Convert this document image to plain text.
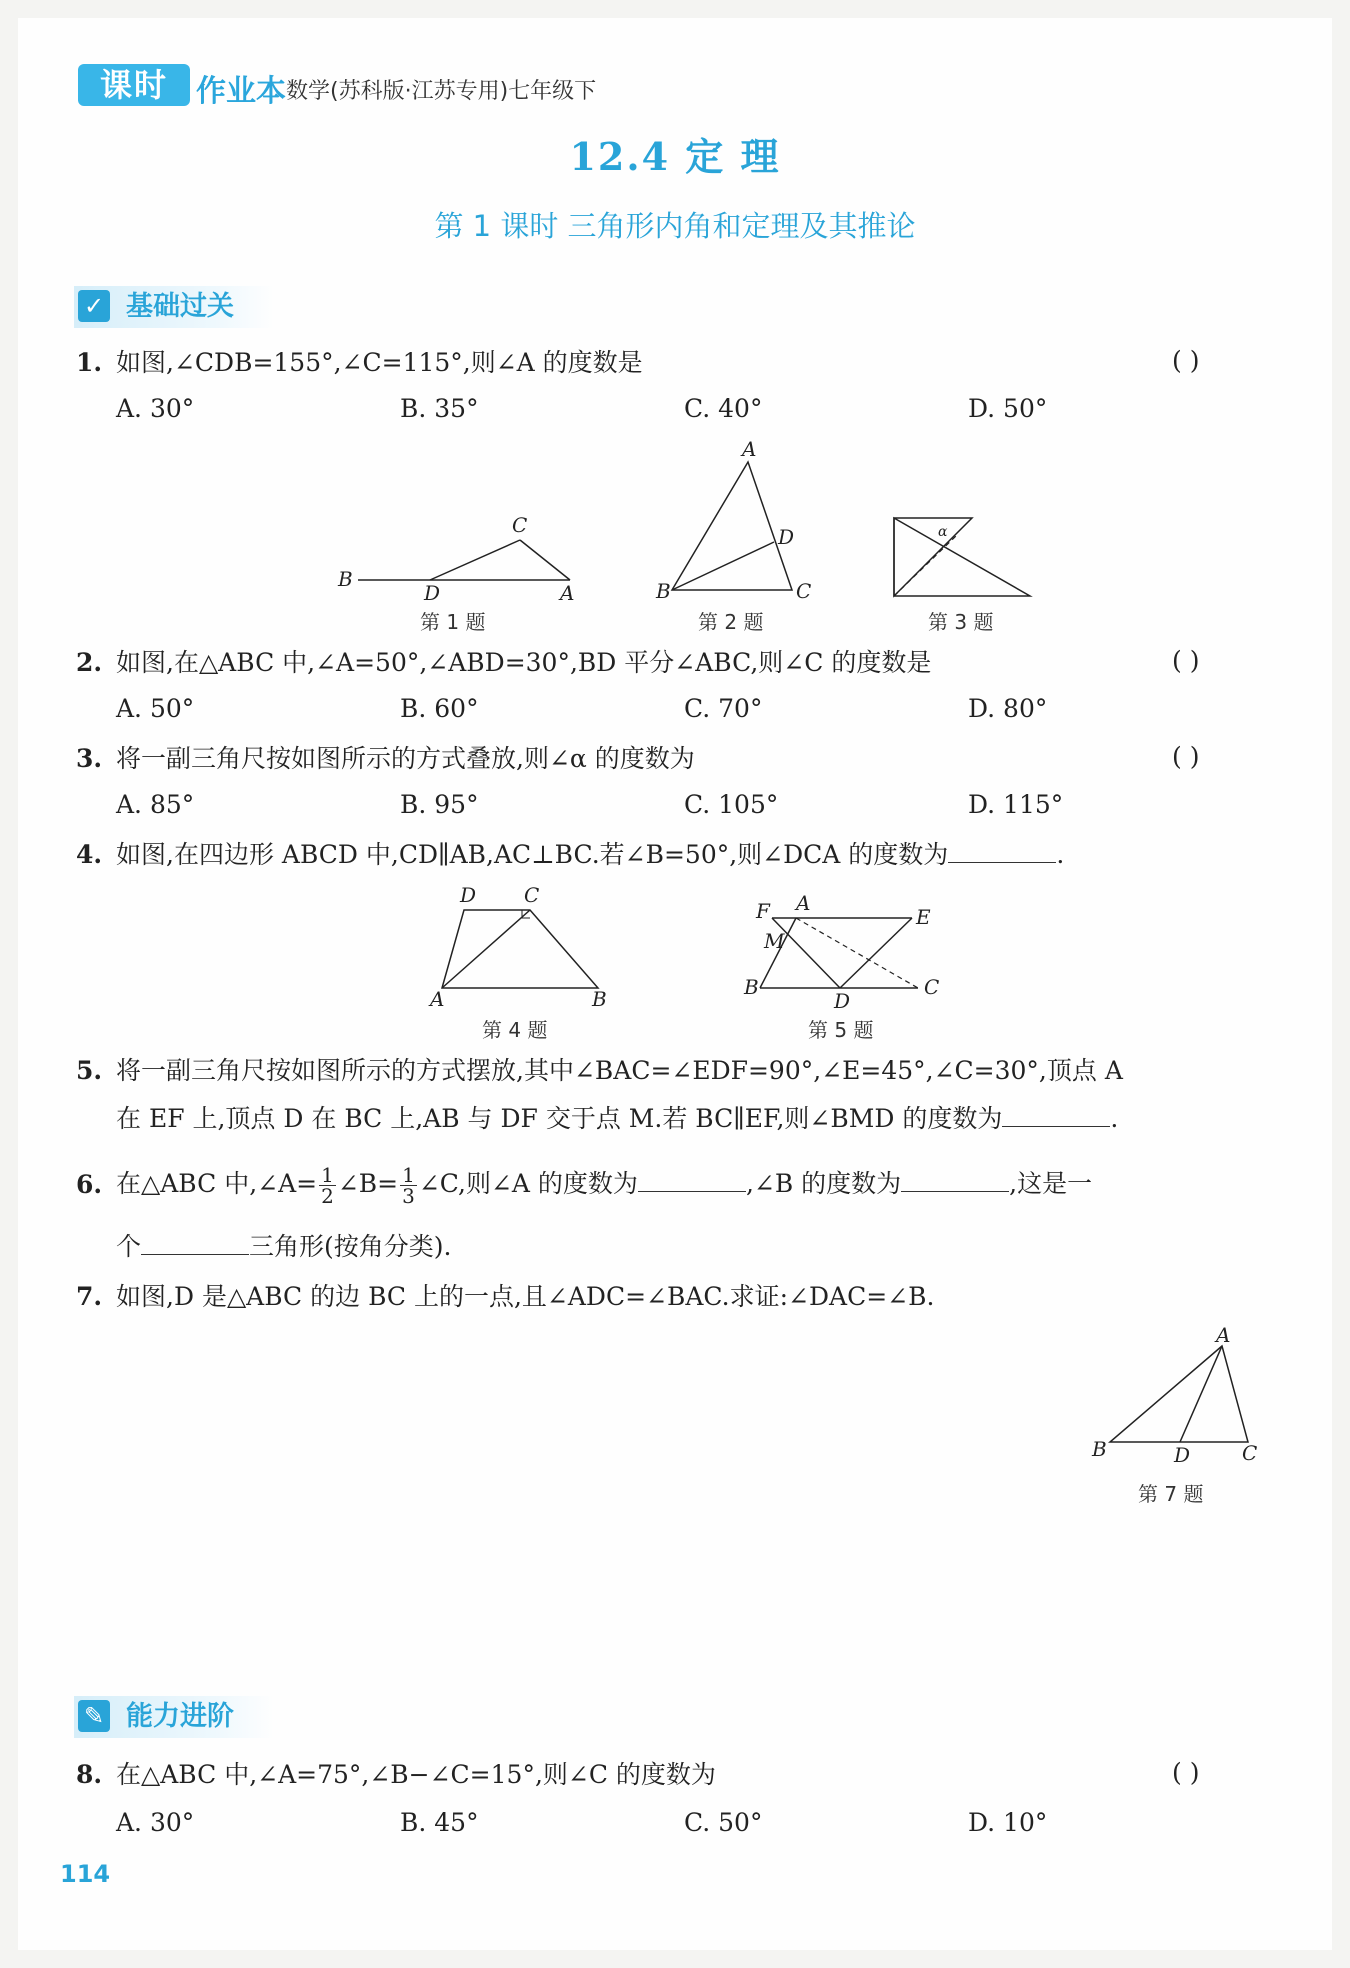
课时 作业本 数学(苏科版·江苏专用)七年级下
12.4 定 理
第 1 课时 三角形内角和定理及其推论
✓ 基础过关
1. 如图,∠CDB=155°,∠C=115°,则∠A 的度数是	( )
A. 30°	B. 35°	C. 40°	D. 50°
B
D
C
A
第 1 题
A
D
B	C
第 2 题
α
第 3 题
2. 如图,在△ABC 中,∠A=50°,∠ABD=30°,BD 平分∠ABC,则∠C 的度数是	( )
A. 50°	B. 60°	C. 70°	D. 80°
3. 将一副三角尺按如图所示的方式叠放,则∠α 的度数为	( )
A. 85°	B. 95°	C. 105°	D. 115°
4. 如图,在四边形 ABCD 中,CD∥AB,AC⊥BC.若∠B=50°,则∠DCA 的度数为	.
D C
A	B
第 4 题
F A
E
M
B
D
C
第 5 题
5. 将一副三角尺按如图所示的方式摆放,其中∠BAC=∠EDF=90°,∠E=45°,∠C=30°,顶点 A
在 EF 上,顶点 D 在 BC 上,AB 与 DF 交于点 M.若 BC∥EF,则∠BMD 的度数为	.
6. 在△ABC 中,∠A= $\frac{1}{2}$ ∠B= $\frac{1}{3}$ ∠C,则∠A 的度数为	,∠B 的度数为	,这是一
个	三角形(按角分类).
7. 如图,D 是△ABC 的边 BC 上的一点,且∠ADC=∠BAC.求证:∠DAC=∠B.
A
B	D	C
第 7 题
✎ 能力进阶
8. 在△ABC 中,∠A=75°,∠B−∠C=15°,则∠C 的度数为	( )
A. 30°	B. 45°	C. 50°	D. 10°
114
